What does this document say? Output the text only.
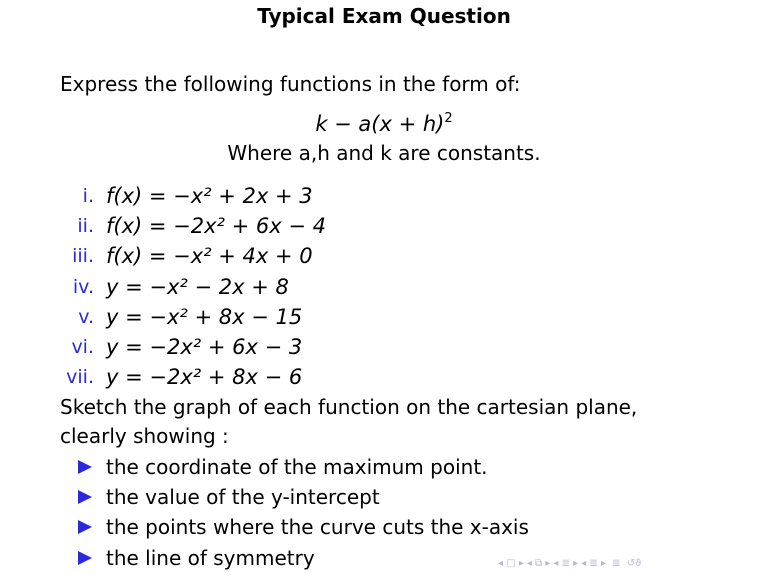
Typical Exam Question
Express the following functions in the form of:
$k - a(x + h)^2$
Where a,h and k are constants.
i. f(x) = −x² + 2x + 3
ii. f(x) = −2x² + 6x − 4
iii. f(x) = −x² + 4x + 0
iv. y = −x² − 2x + 8
v. y = −x² + 8x − 15
vi. y = −2x² + 6x − 3
vii. y = −2x² + 8x − 6
Sketch the graph of each function on the cartesian plane, clearly showing :
the coordinate of the maximum point.
the value of the y-intercept
the points where the curve cuts the x-axis
the line of symmetry	◂ □ ▸ ◂ ⧉ ▸ ◂ ≣ ▸ ◂ ≣ ▸ ≣ ↺ϑ
